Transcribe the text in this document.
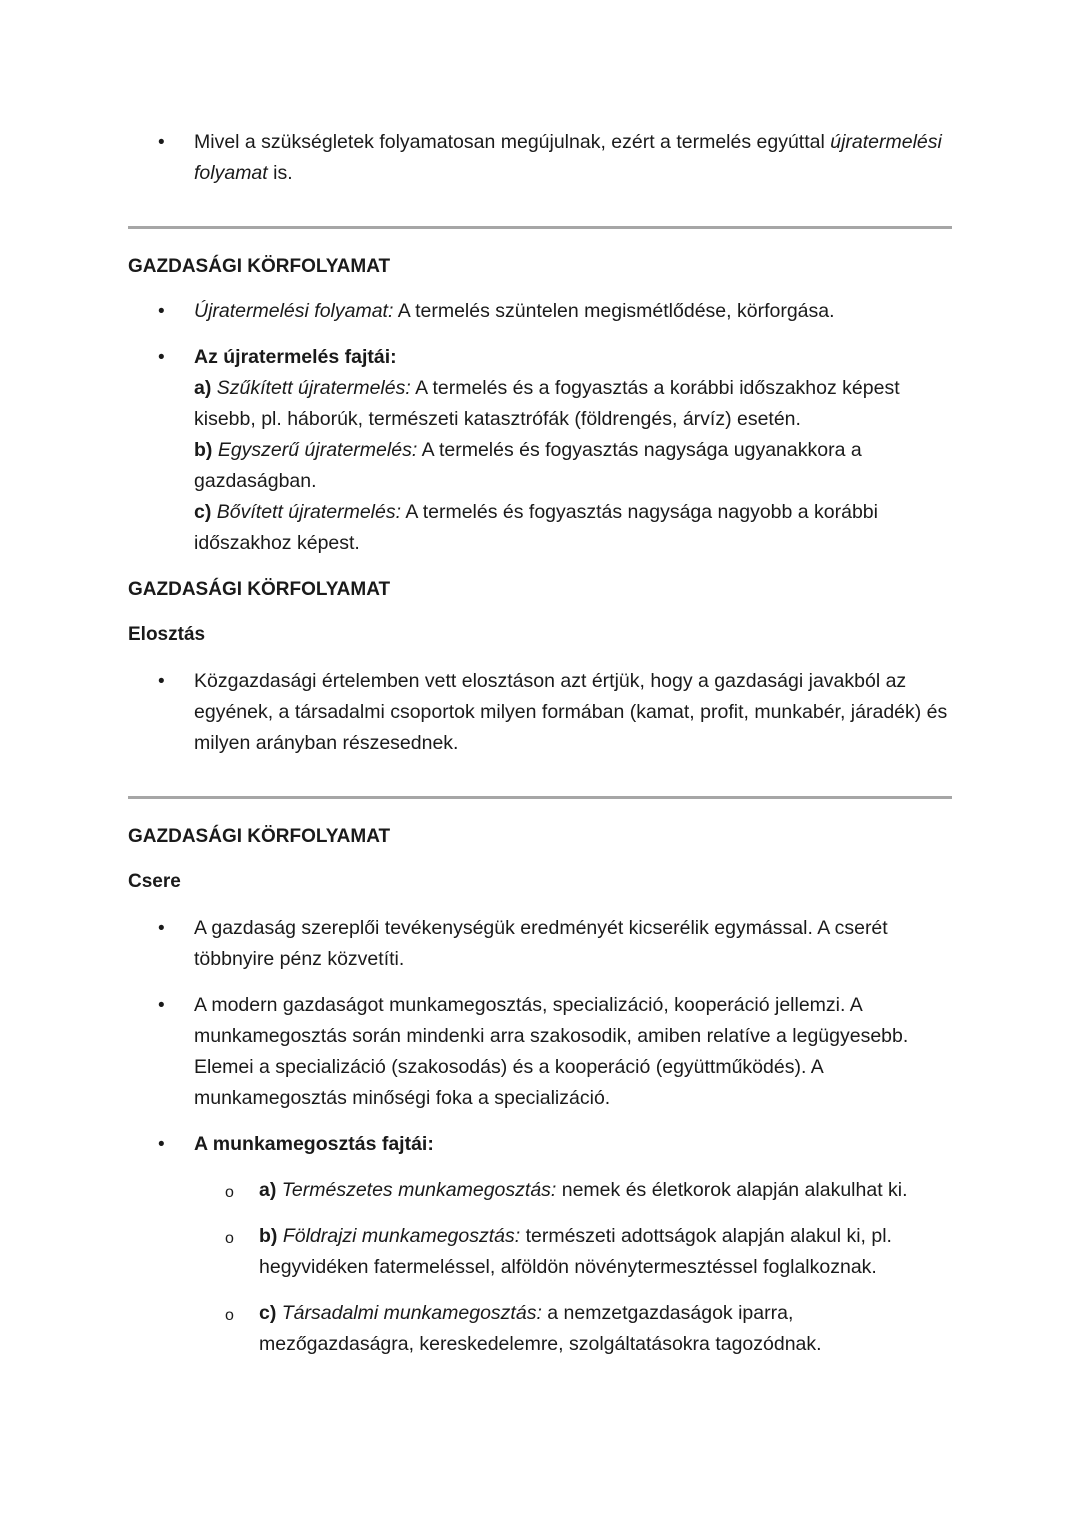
• Mivel a szükségletek folyamatosan megújulnak, ezért a termelés egyúttal újratermelési folyamat is.

GAZDASÁGI KÖRFOLYAMAT

• Újratermelési folyamat: A termelés szüntelen megismétlődése, körforgása.
• Az újratermelés fajtái:
a) Szűkített újratermelés: A termelés és a fogyasztás a korábbi időszakhoz képest kisebb, pl. háborúk, természeti katasztrófák (földrengés, árvíz) esetén.
b) Egyszerű újratermelés: A termelés és fogyasztás nagysága ugyanakkora a gazdaságban.
c) Bővített újratermelés: A termelés és fogyasztás nagysága nagyobb a korábbi időszakhoz képest.

GAZDASÁGI KÖRFOLYAMAT

Elosztás

• Közgazdasági értelemben vett elosztáson azt értjük, hogy a gazdasági javakból az egyének, a társadalmi csoportok milyen formában (kamat, profit, munkabér, járadék) és milyen arányban részesednek.

GAZDASÁGI KÖRFOLYAMAT

Csere

• A gazdaság szereplői tevékenységük eredményét kicserélik egymással. A cserét többnyire pénz közvetíti.
• A modern gazdaságot munkamegosztás, specializáció, kooperáció jellemzi. A munkamegosztás során mindenki arra szakosodik, amiben relatíve a legügyesebb. Elemei a specializáció (szakosodás) és a kooperáció (együttműködés). A munkamegosztás minőségi foka a specializáció.
• A munkamegosztás fajtái:
o a) Természetes munkamegosztás: nemek és életkorok alapján alakulhat ki.
o b) Földrajzi munkamegosztás: természeti adottságok alapján alakul ki, pl. hegyvidéken fatermeléssel, alföldön növénytermesztéssel foglalkoznak.
o c) Társadalmi munkamegosztás: a nemzetgazdaságok iparra, mezőgazdaságra, kereskedelemre, szolgáltatásokra tagozódnak.
